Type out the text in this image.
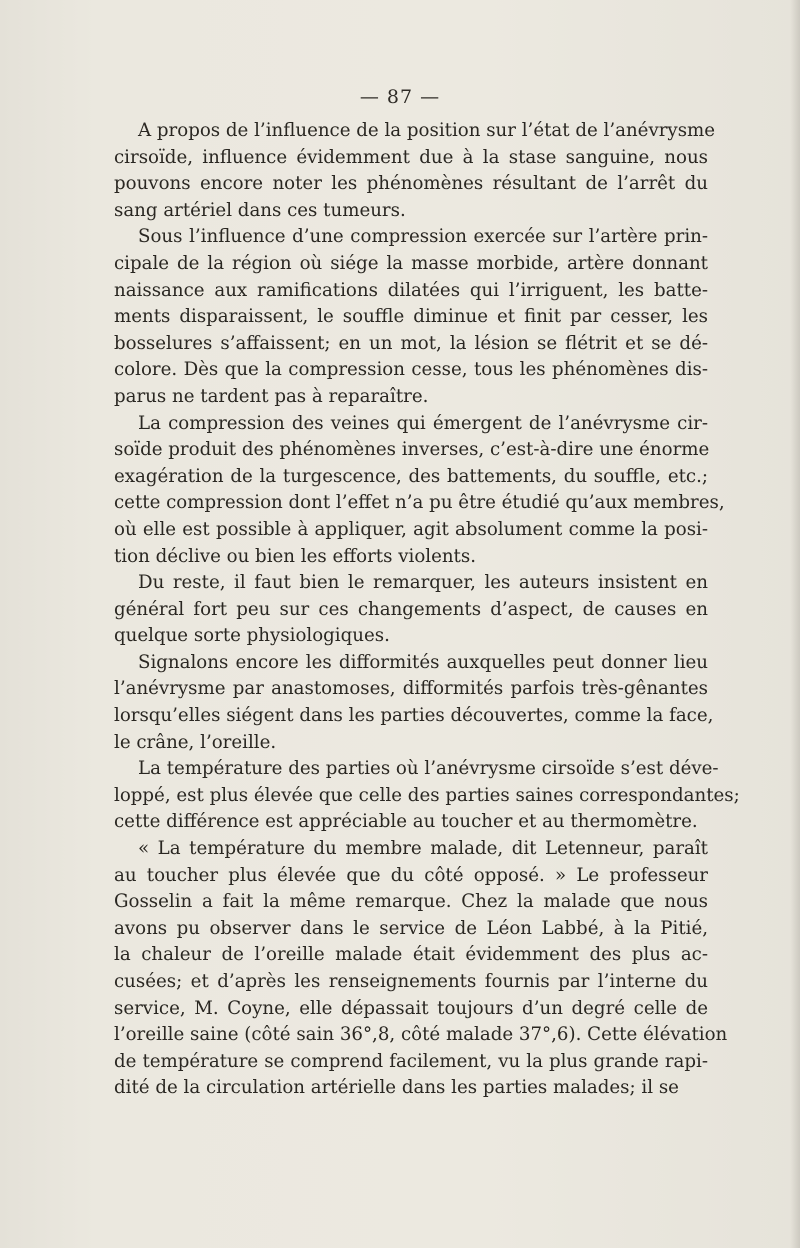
— 87 —
A propos de l’influence de la position sur l’état de l’anévrysme
cirsoïde, influence évidemment due à la stase sanguine, nous
pouvons encore noter les phénomènes résultant de l’arrêt du
sang artériel dans ces tumeurs.
Sous l’influence d’une compression exercée sur l’artère prin-
cipale de la région où siége la masse morbide, artère donnant
naissance aux ramifications dilatées qui l’irriguent, les batte-
ments disparaissent, le souffle diminue et finit par cesser, les
bosselures s’affaissent; en un mot, la lésion se flétrit et se dé-
colore. Dès que la compression cesse, tous les phénomènes dis-
parus ne tardent pas à reparaître.
La compression des veines qui émergent de l’anévrysme cir-
soïde produit des phénomènes inverses, c’est-à-dire une énorme
exagération de la turgescence, des battements, du souffle, etc.;
cette compression dont l’effet n’a pu être étudié qu’aux membres,
où elle est possible à appliquer, agit absolument comme la posi-
tion déclive ou bien les efforts violents.
Du reste, il faut bien le remarquer, les auteurs insistent en
général fort peu sur ces changements d’aspect, de causes en
quelque sorte physiologiques.
Signalons encore les difformités auxquelles peut donner lieu
l’anévrysme par anastomoses, difformités parfois très-gênantes
lorsqu’elles siégent dans les parties découvertes, comme la face,
le crâne, l’oreille.
La température des parties où l’anévrysme cirsoïde s’est déve-
loppé, est plus élevée que celle des parties saines correspondantes;
cette différence est appréciable au toucher et au thermomètre.
« La température du membre malade, dit Letenneur, paraît
au toucher plus élevée que du côté opposé. » Le professeur
Gosselin a fait la même remarque. Chez la malade que nous
avons pu observer dans le service de Léon Labbé, à la Pitié,
la chaleur de l’oreille malade était évidemment des plus ac-
cusées; et d’après les renseignements fournis par l’interne du
service, M. Coyne, elle dépassait toujours d’un degré celle de
l’oreille saine (côté sain 36°,8, côté malade 37°,6). Cette élévation
de température se comprend facilement, vu la plus grande rapi-
dité de la circulation artérielle dans les parties malades; il se
